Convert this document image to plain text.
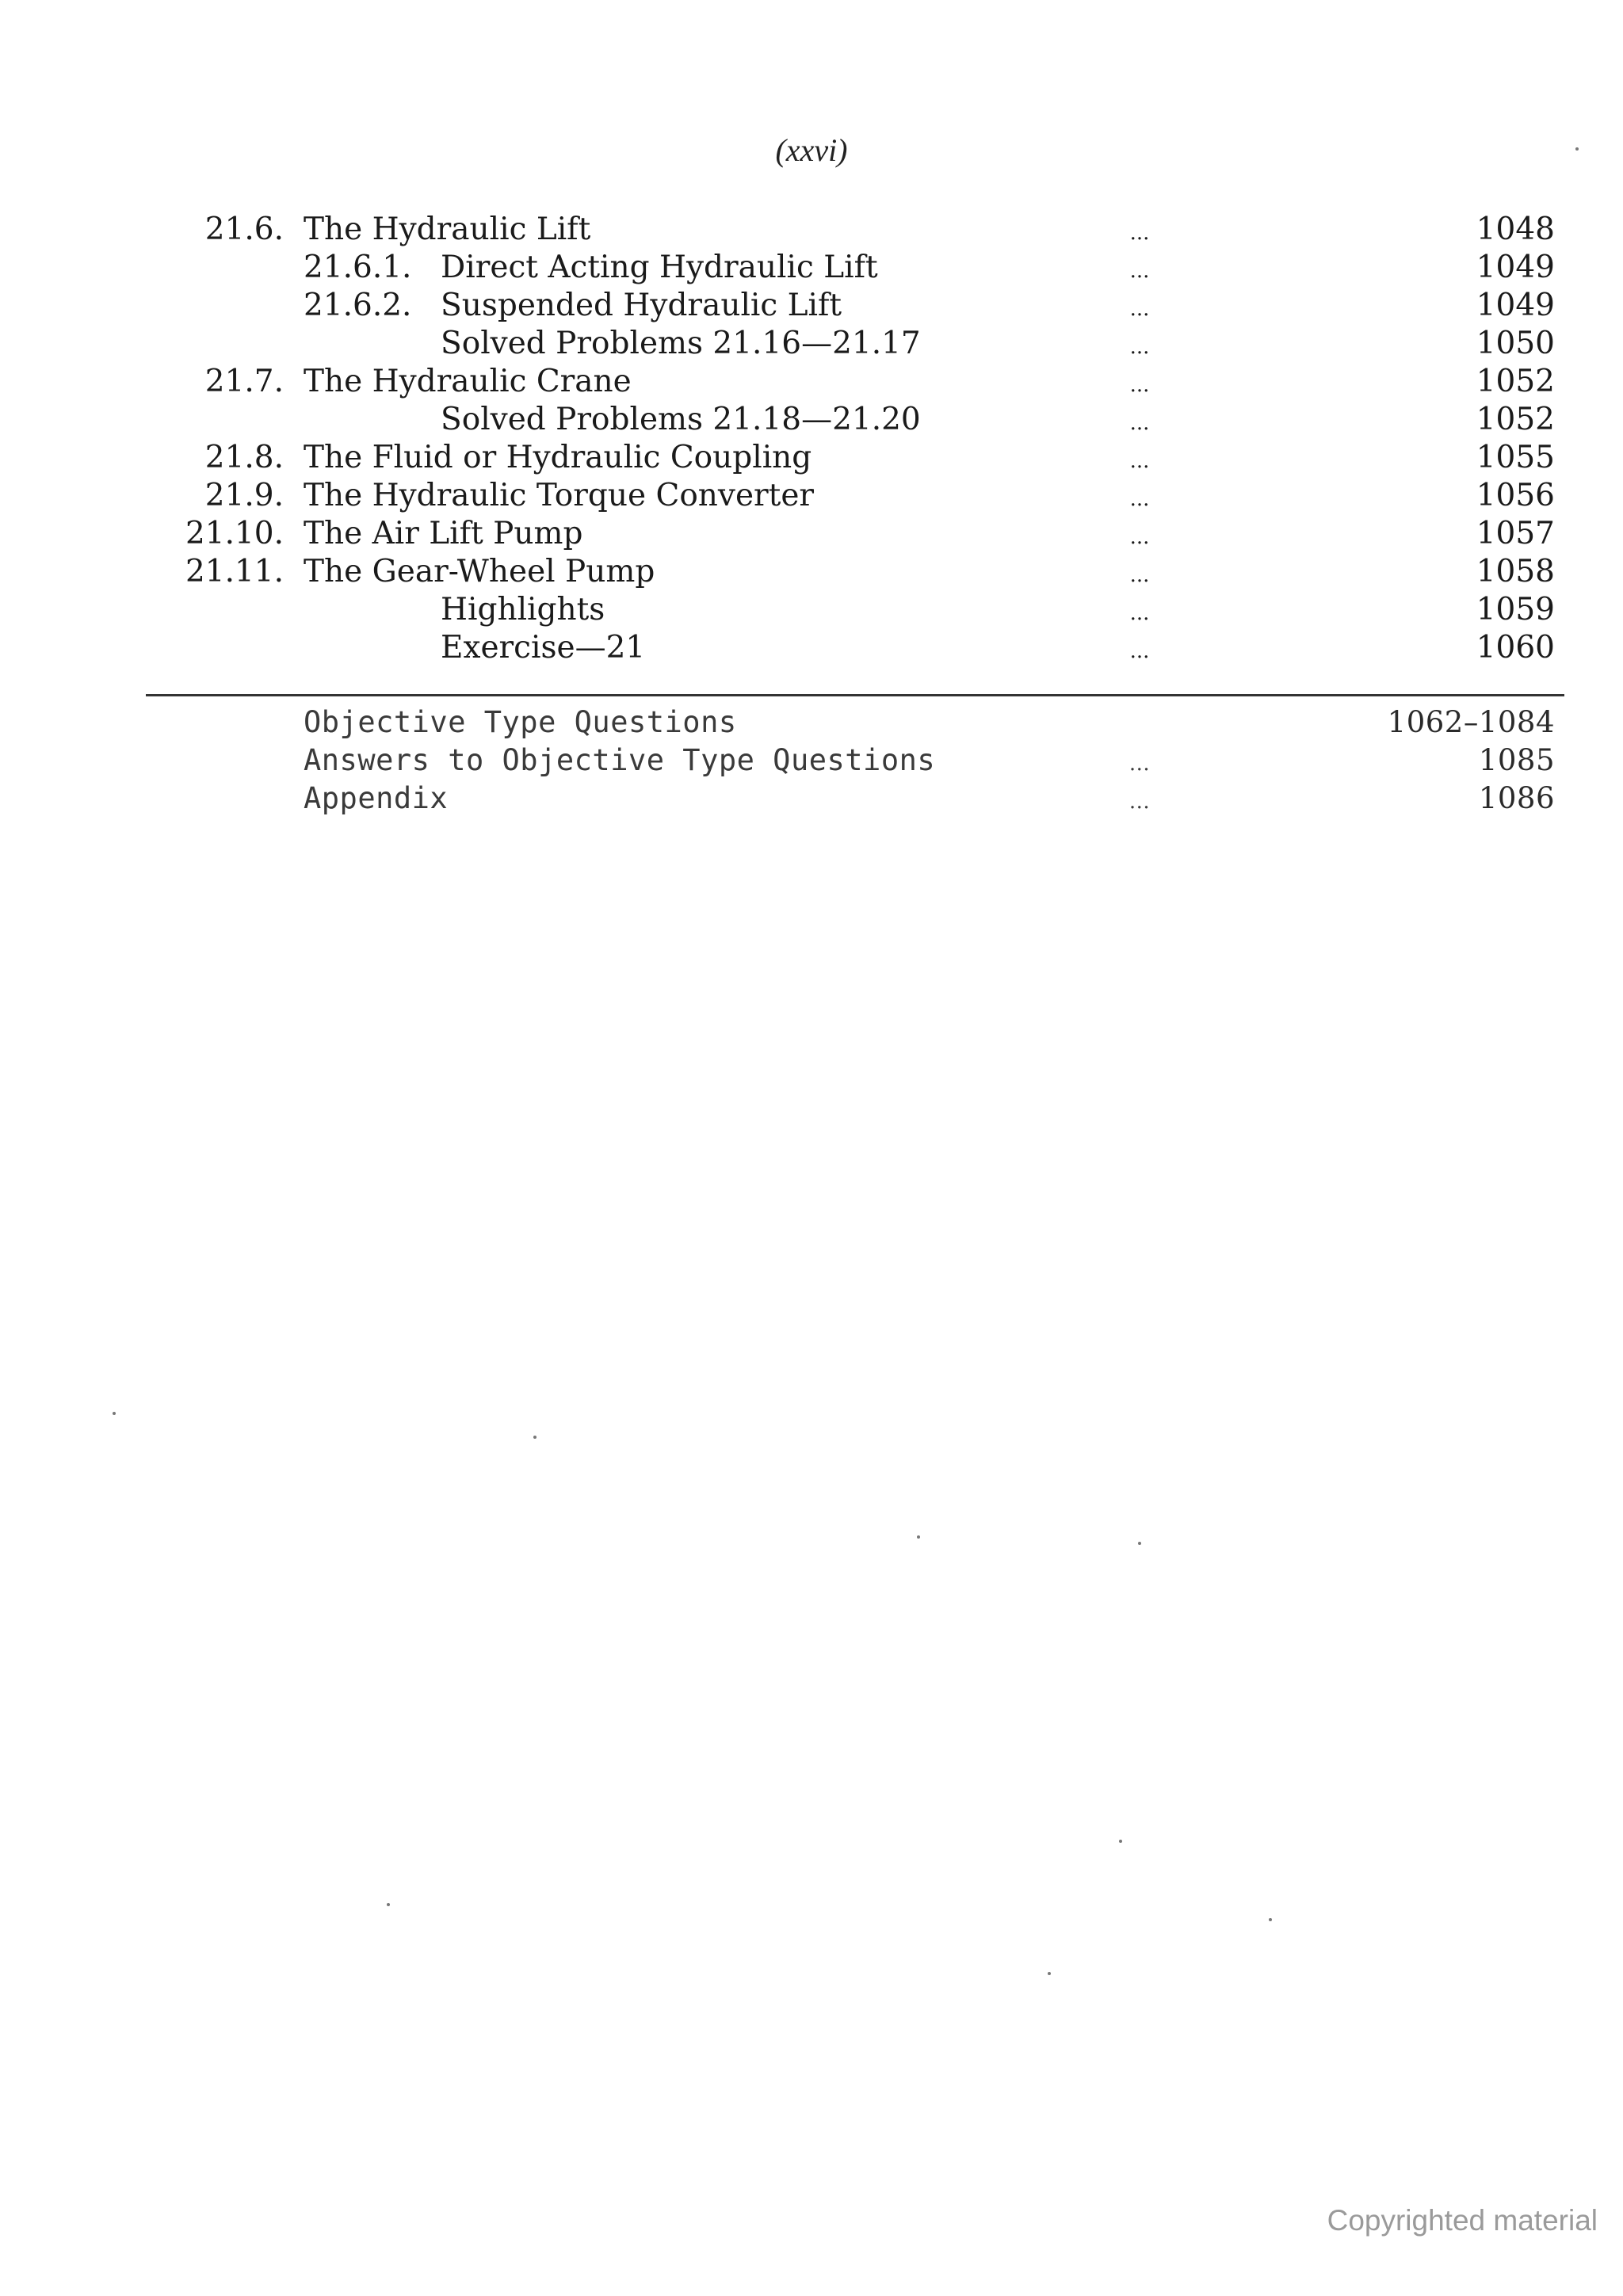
(xxvi)
21.6. The Hydraulic Lift	...	1048
21.6.1. Direct Acting Hydraulic Lift	...	1049
21.6.2. Suspended Hydraulic Lift	...	1049
Solved Problems 21.16—21.17	...	1050
21.7. The Hydraulic Crane	...	1052
Solved Problems 21.18—21.20	...	1052
21.8. The Fluid or Hydraulic Coupling	...	1055
21.9. The Hydraulic Torque Converter	...	1056
21.10. The Air Lift Pump	...	1057
21.11. The Gear-Wheel Pump	...	1058
Highlights	...	1059
Exercise—21	...	1060
Objective Type Questions	1062–1084
Answers to Objective Type Questions	...	1085
Appendix	...	1086
Copyrighted material
